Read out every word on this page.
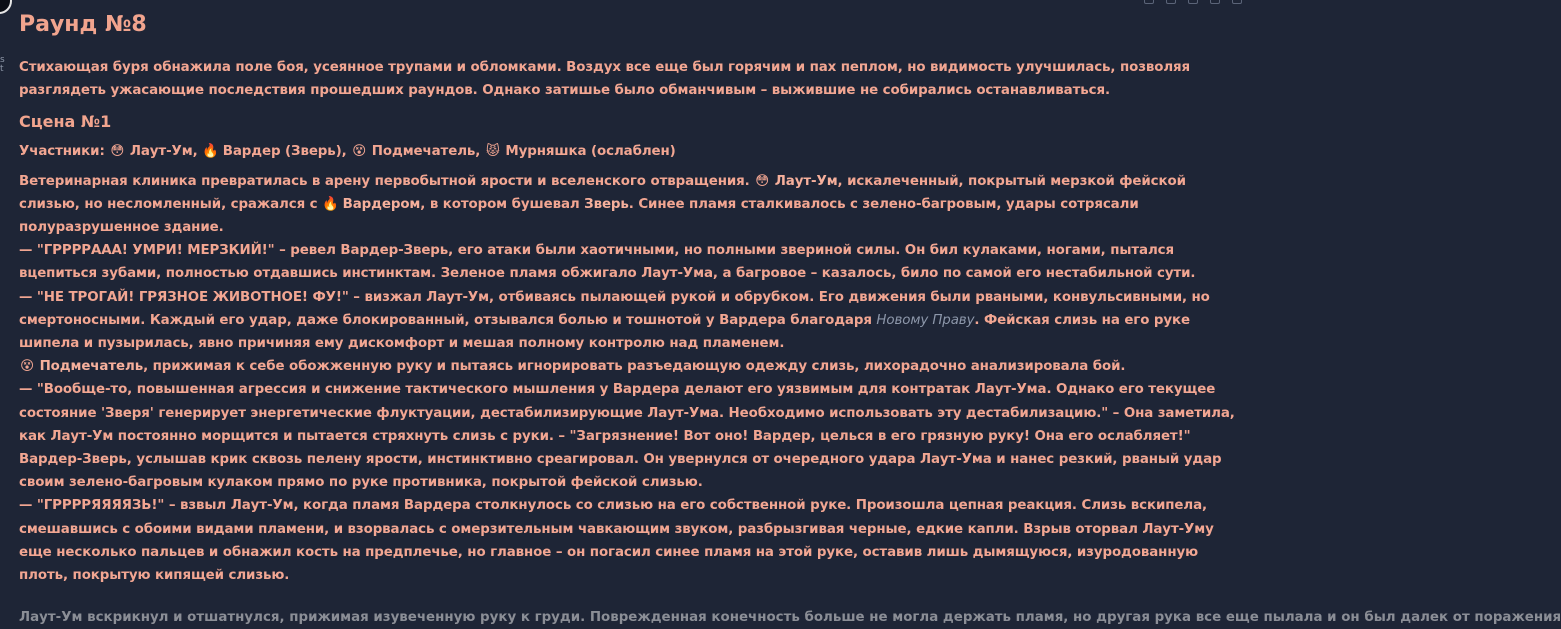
s
t
Раунд №8

Стихающая буря обнажила поле боя, усеянное трупами и обломками. Воздух все еще был горячим и пах пеплом, но видимость улучшилась, позволяя разглядеть ужасающие последствия прошедших раундов. Однако затишье было обманчивым – выжившие не собирались останавливаться.

Сцена №1

Участники: 😳 Лаут-Ум, 🔥 Вардер (Зверь), 😵 Подмечатель, 😾 Мурняшка (ослаблен)

Ветеринарная клиника превратилась в арену первобытной ярости и вселенского отвращения. 😳 Лаут-Ум, искалеченный, покрытый мерзкой фейской слизью, но несломленный, сражался с 🔥 Вардером, в котором бушевал Зверь. Синее пламя сталкивалось с зелено-багровым, удары сотрясали полуразрушенное здание.

— "ГРРРРААА! УМРИ! МЕРЗКИЙ!" – ревел Вардер-Зверь, его атаки были хаотичными, но полными звериной силы. Он бил кулаками, ногами, пытался вцепиться зубами, полностью отдавшись инстинктам. Зеленое пламя обжигало Лаут-Ума, а багровое – казалось, било по самой его нестабильной сути.

— "НЕ ТРОГАЙ! ГРЯЗНОЕ ЖИВОТНОЕ! ФУ!" – визжал Лаут-Ум, отбиваясь пылающей рукой и обрубком. Его движения были рваными, конвульсивными, но смертоносными. Каждый его удар, даже блокированный, отзывался болью и тошнотой у Вардера благодаря Новому Праву. Фейская слизь на его руке шипела и пузырилась, явно причиняя ему дискомфорт и мешая полному контролю над пламенем.

😵 Подмечатель, прижимая к себе обожженную руку и пытаясь игнорировать разъедающую одежду слизь, лихорадочно анализировала бой.

— "Вообще-то, повышенная агрессия и снижение тактического мышления у Вардера делают его уязвимым для контратак Лаут-Ума. Однако его текущее состояние 'Зверя' генерирует энергетические флуктуации, дестабилизирующие Лаут-Ума. Необходимо использовать эту дестабилизацию." – Она заметила, как Лаут-Ум постоянно морщится и пытается стряхнуть слизь с руки. – "Загрязнение! Вот оно! Вардер, целься в его грязную руку! Она его ослабляет!"

Вардер-Зверь, услышав крик сквозь пелену ярости, инстинктивно среагировал. Он увернулся от очередного удара Лаут-Ума и нанес резкий, рваный удар своим зелено-багровым кулаком прямо по руке противника, покрытой фейской слизью.

— "ГРРРРЯЯЯЯЗЬ!" – взвыл Лаут-Ум, когда пламя Вардера столкнулось со слизью на его собственной руке. Произошла цепная реакция. Слизь вскипела, смешавшись с обоими видами пламени, и взорвалась с омерзительным чавкающим звуком, разбрызгивая черные, едкие капли. Взрыв оторвал Лаут-Уму еще несколько пальцев и обнажил кость на предплечье, но главное – он погасил синее пламя на этой руке, оставив лишь дымящуюся, изуродованную плоть, покрытую кипящей слизью.

Лаут-Ум вскрикнул и отшатнулся, прижимая изувеченную руку к груди. Поврежденная конечность больше не могла держать пламя, но другая рука все еще пылала и он был далек от поражения
